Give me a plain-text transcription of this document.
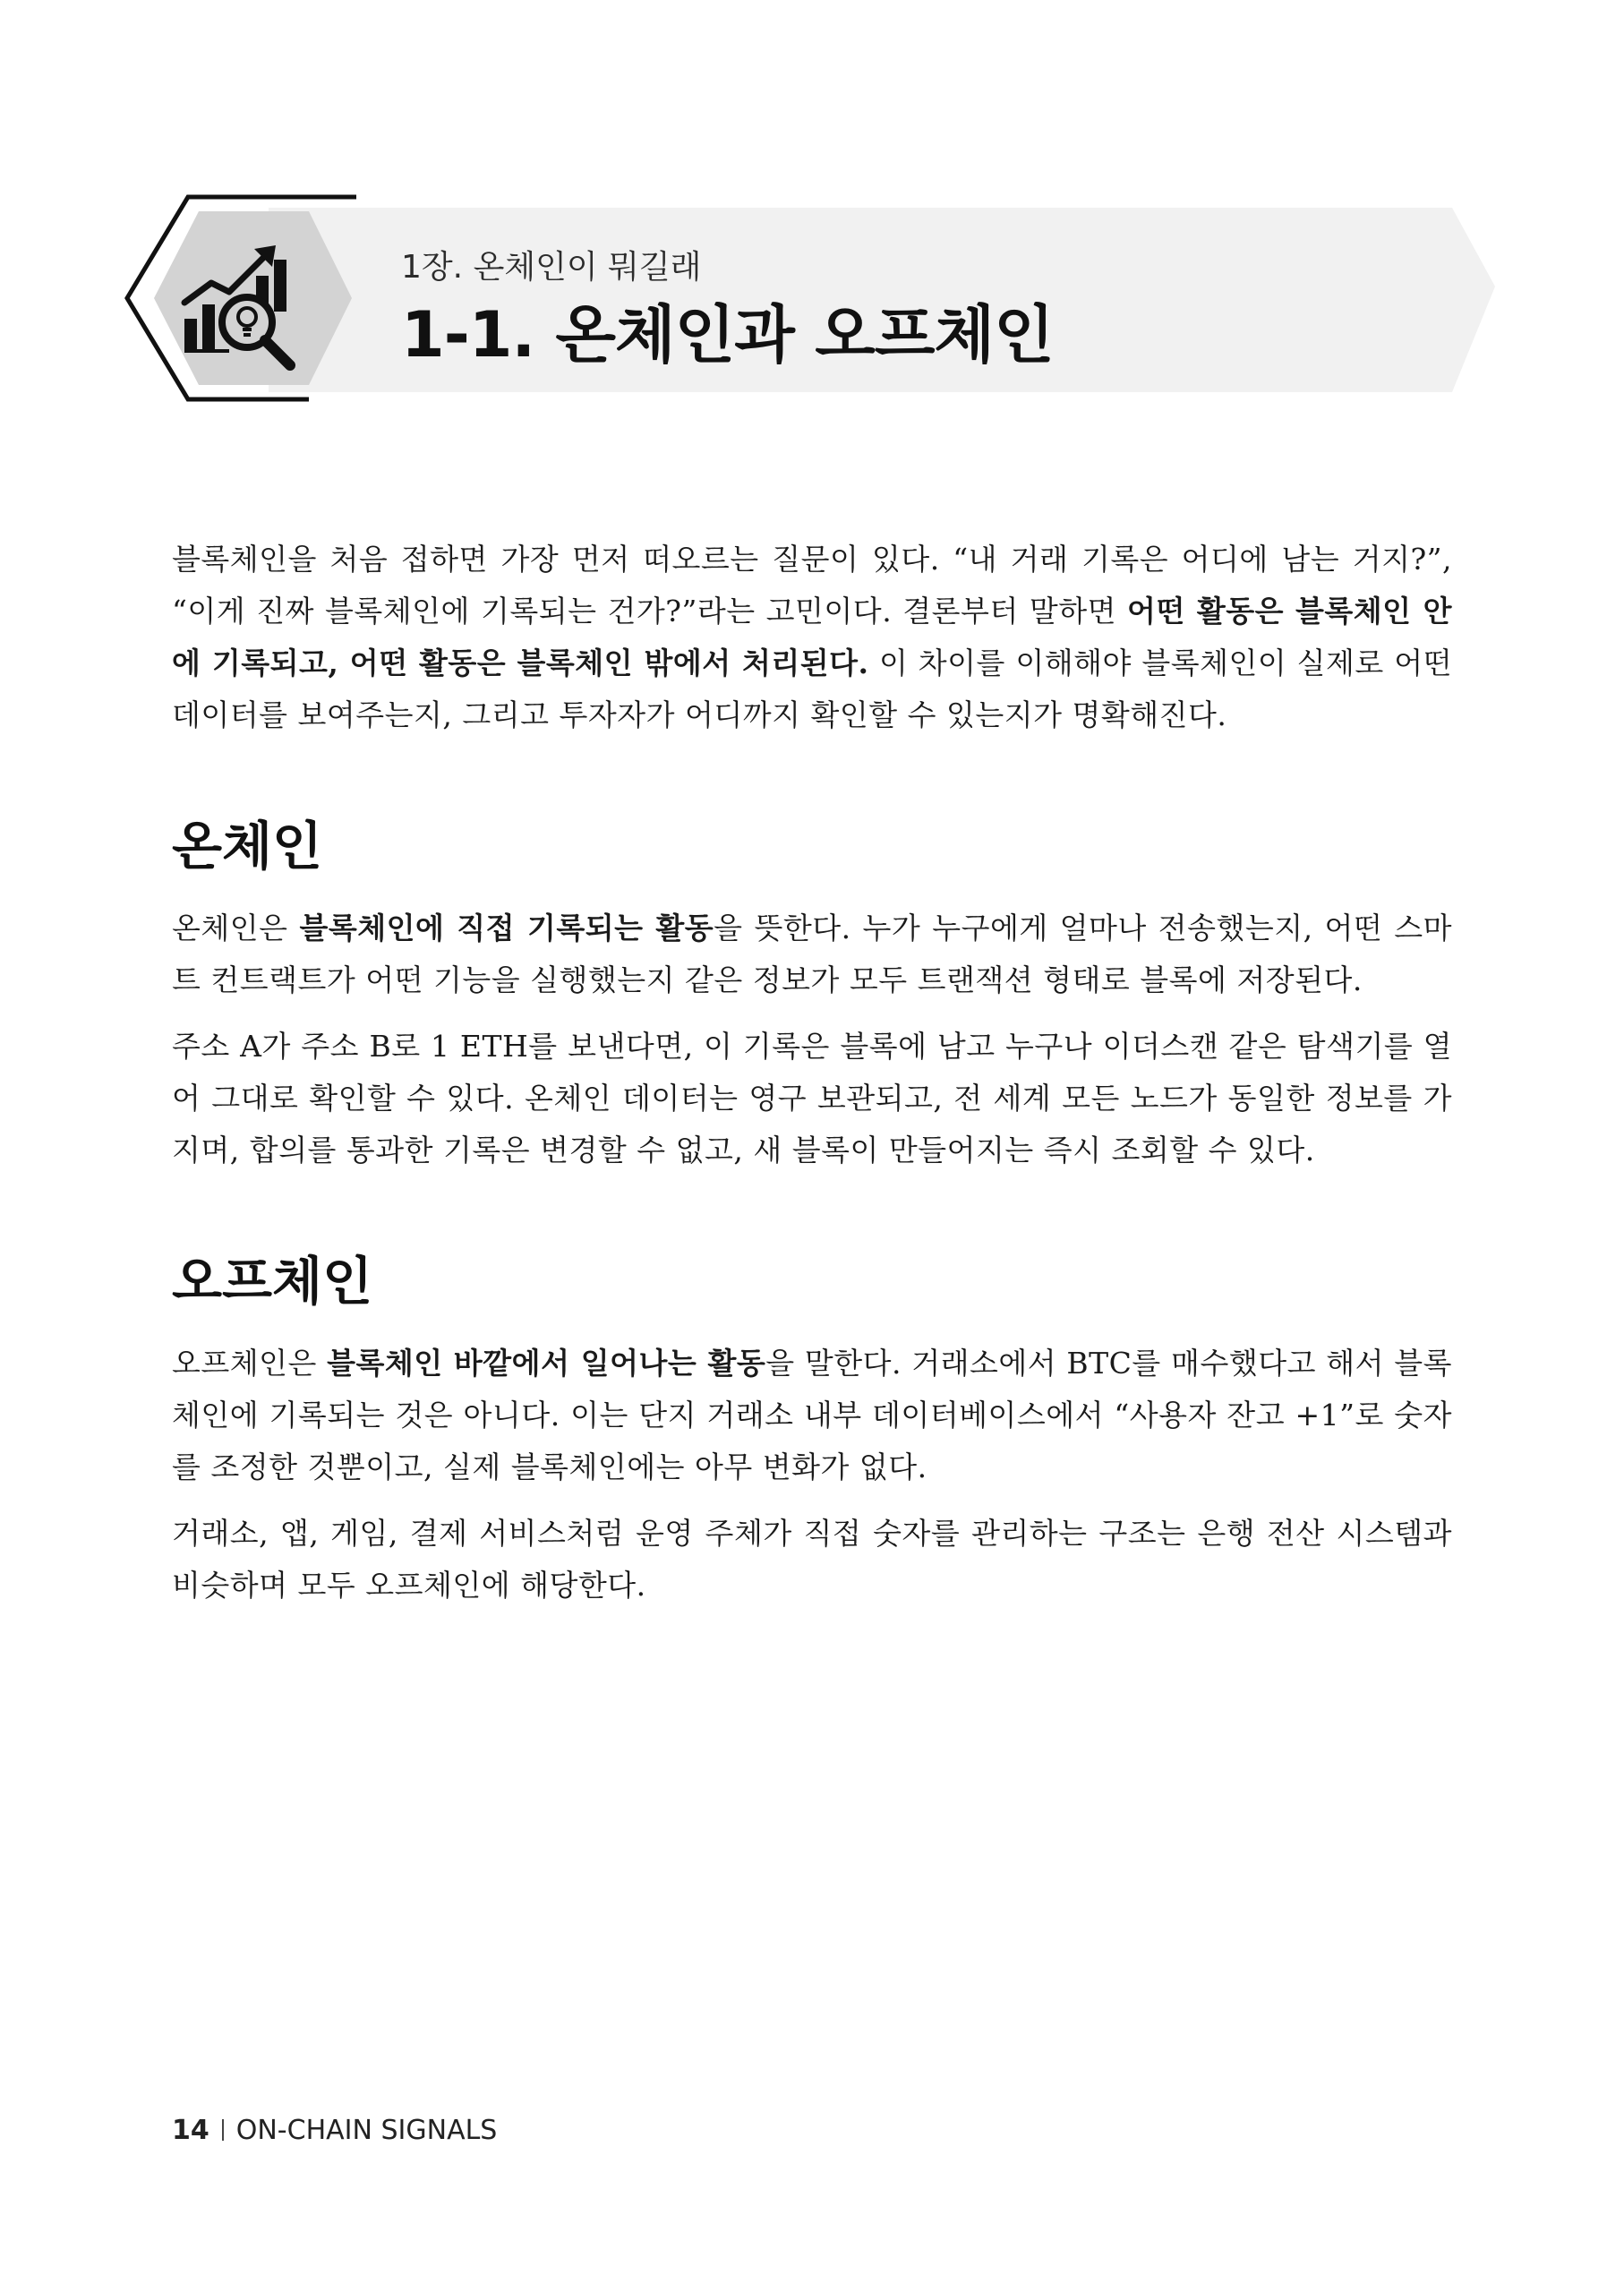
1장. 온체인이 뭐길래
1-1. 온체인과 오프체인

블록체인을 처음 접하면 가장 먼저 떠오르는 질문이 있다. “내 거래 기록은 어디에 남는 거지?”, “이게 진짜 블록체인에 기록되는 건가?”라는 고민이다. 결론부터 말하면 어떤 활동은 블록체인 안에 기록되고, 어떤 활동은 블록체인 밖에서 처리된다. 이 차이를 이해해야 블록체인이 실제로 어떤 데이터를 보여주는지, 그리고 투자자가 어디까지 확인할 수 있는지가 명확해진다.

온체인

온체인은 블록체인에 직접 기록되는 활동을 뜻한다. 누가 누구에게 얼마나 전송했는지, 어떤 스마트 컨트랙트가 어떤 기능을 실행했는지 같은 정보가 모두 트랜잭션 형태로 블록에 저장된다.

주소 A가 주소 B로 1 ETH를 보낸다면, 이 기록은 블록에 남고 누구나 이더스캔 같은 탐색기를 열어 그대로 확인할 수 있다. 온체인 데이터는 영구 보관되고, 전 세계 모든 노드가 동일한 정보를 가지며, 합의를 통과한 기록은 변경할 수 없고, 새 블록이 만들어지는 즉시 조회할 수 있다.

오프체인

오프체인은 블록체인 바깥에서 일어나는 활동을 말한다. 거래소에서 BTC를 매수했다고 해서 블록체인에 기록되는 것은 아니다. 이는 단지 거래소 내부 데이터베이스에서 “사용자 잔고 +1”로 숫자를 조정한 것뿐이고, 실제 블록체인에는 아무 변화가 없다.

거래소, 앱, 게임, 결제 서비스처럼 운영 주체가 직접 숫자를 관리하는 구조는 은행 전산 시스템과 비슷하며 모두 오프체인에 해당한다.

14 ON-CHAIN SIGNALS
